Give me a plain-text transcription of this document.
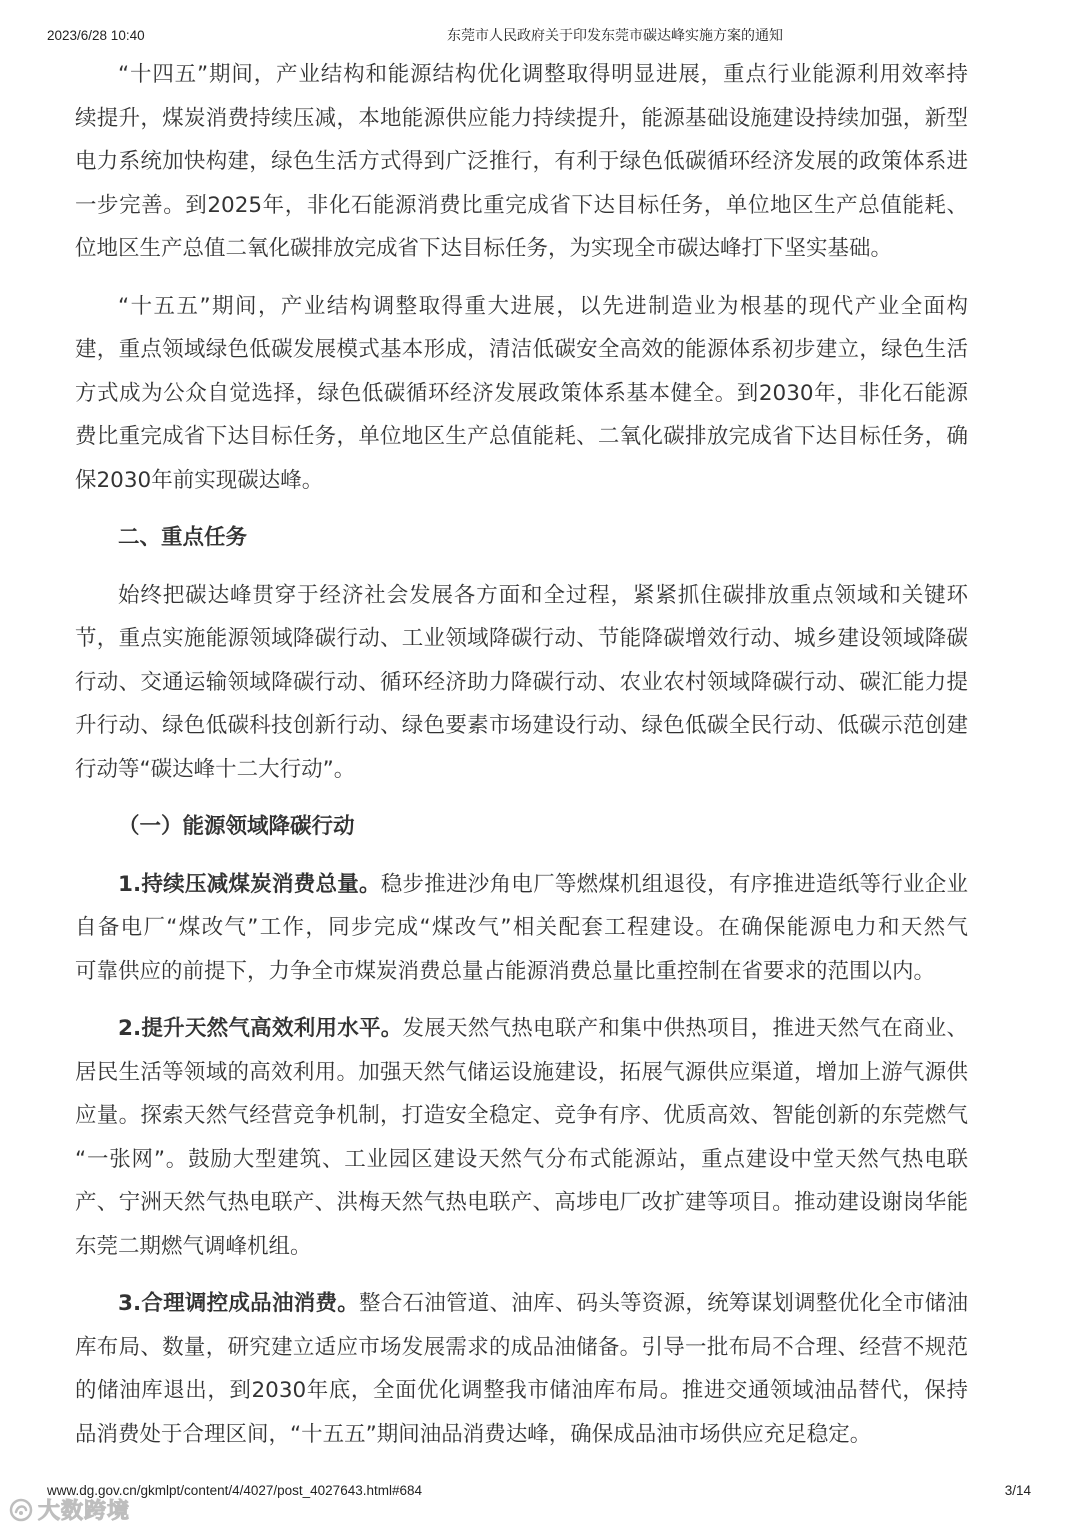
2023/6/28 10:40	东莞市人民政府关于印发东莞市碳达峰实施方案的通知
“十四五”期间，产业结构和能源结构优化调整取得明显进展，重点行业能源利用效率持
续提升，煤炭消费持续压减，本地能源供应能力持续提升，能源基础设施建设持续加强，新型
电力系统加快构建，绿色生活方式得到广泛推行，有利于绿色低碳循环经济发展的政策体系进
一步完善。到2025年，非化石能源消费比重完成省下达目标任务，单位地区生产总值能耗、
位地区生产总值二氧化碳排放完成省下达目标任务，为实现全市碳达峰打下坚实基础。
“十五五”期间，产业结构调整取得重大进展，以先进制造业为根基的现代产业全面构
建，重点领域绿色低碳发展模式基本形成，清洁低碳安全高效的能源体系初步建立，绿色生活
方式成为公众自觉选择，绿色低碳循环经济发展政策体系基本健全。到2030年，非化石能源
费比重完成省下达目标任务，单位地区生产总值能耗、二氧化碳排放完成省下达目标任务，确
保2030年前实现碳达峰。
二、重点任务
始终把碳达峰贯穿于经济社会发展各方面和全过程，紧紧抓住碳排放重点领域和关键环
节，重点实施能源领域降碳行动、工业领域降碳行动、节能降碳增效行动、城乡建设领域降碳
行动、交通运输领域降碳行动、循环经济助力降碳行动、农业农村领域降碳行动、碳汇能力提
升行动、绿色低碳科技创新行动、绿色要素市场建设行动、绿色低碳全民行动、低碳示范创建
行动等“碳达峰十二大行动”。
（一）能源领域降碳行动
1.持续压减煤炭消费总量。稳步推进沙角电厂等燃煤机组退役，有序推进造纸等行业企业
自备电厂“煤改气”工作，同步完成“煤改气”相关配套工程建设。在确保能源电力和天然气
可靠供应的前提下，力争全市煤炭消费总量占能源消费总量比重控制在省要求的范围以内。
2.提升天然气高效利用水平。发展天然气热电联产和集中供热项目，推进天然气在商业、
居民生活等领域的高效利用。加强天然气储运设施建设，拓展气源供应渠道，增加上游气源供
应量。探索天然气经营竞争机制，打造安全稳定、竞争有序、优质高效、智能创新的东莞燃气
“一张网”。鼓励大型建筑、工业园区建设天然气分布式能源站，重点建设中堂天然气热电联
产、宁洲天然气热电联产、洪梅天然气热电联产、高埗电厂改扩建等项目。推动建设谢岗华能
东莞二期燃气调峰机组。
3.合理调控成品油消费。整合石油管道、油库、码头等资源，统筹谋划调整优化全市储油
库布局、数量，研究建立适应市场发展需求的成品油储备。引导一批布局不合理、经营不规范
的储油库退出，到2030年底，全面优化调整我市储油库布局。推进交通领域油品替代，保持
品消费处于合理区间，“十五五”期间油品消费达峰，确保成品油市场供应充足稳定。
www.dg.gov.cn/gkmlpt/content/4/4027/post_4027643.html#684	3/14
大数跨境
